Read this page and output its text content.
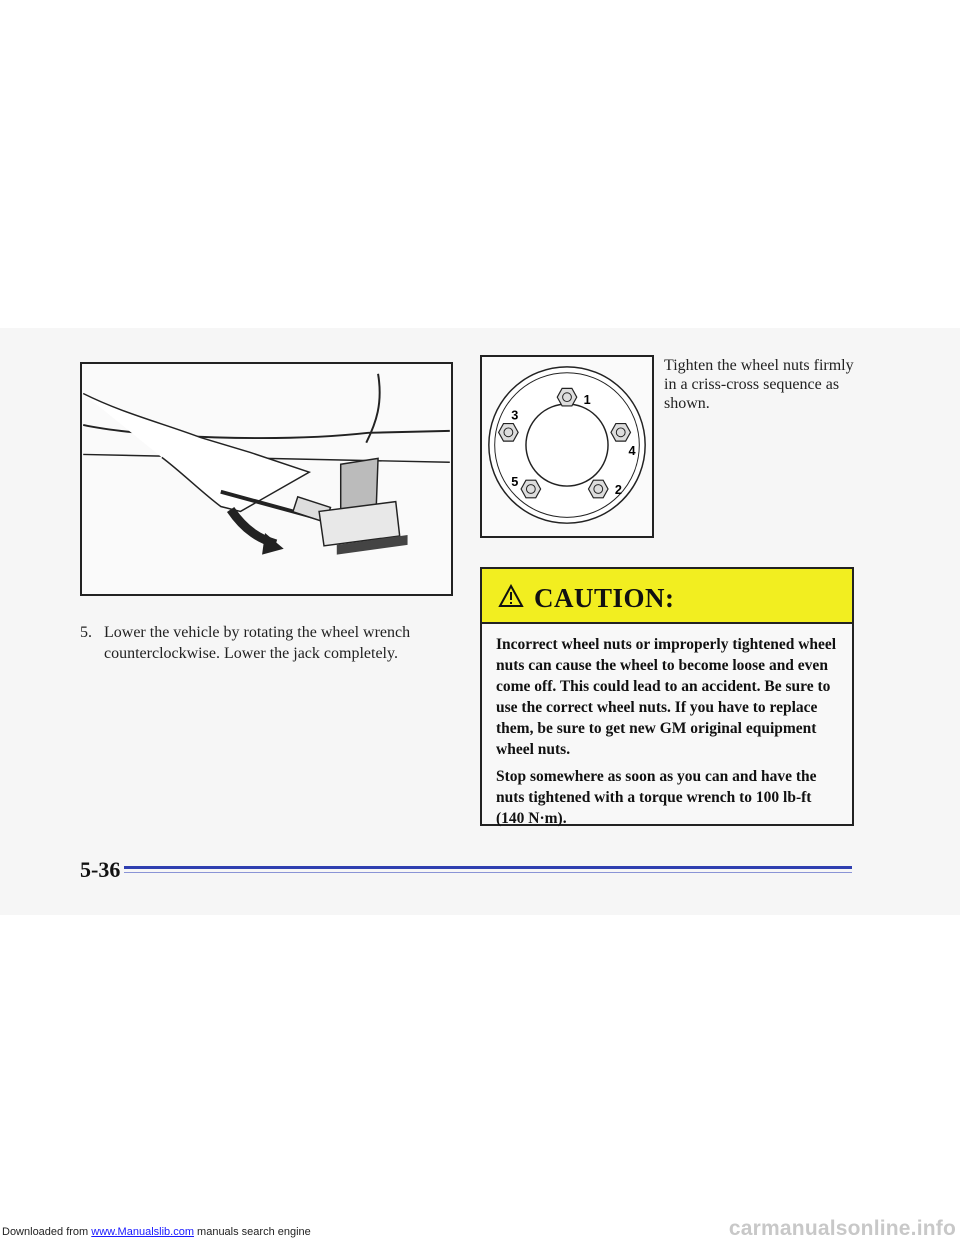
5. Lower the vehicle by rotating the wheel wrench counterclockwise. Lower the jack completely.
1
2
3
4
5
Tighten the wheel nuts firmly in a criss-cross sequence as shown.
CAUTION:

Incorrect wheel nuts or improperly tightened wheel nuts can cause the wheel to become loose and even come off. This could lead to an accident. Be sure to use the correct wheel nuts. If you have to replace them, be sure to get new GM original equipment wheel nuts.

Stop somewhere as soon as you can and have the nuts tightened with a torque wrench to 100 lb-ft (140 N·m).

5-36
Downloaded from www.Manualslib.com manuals search engine	carmanualsonline.info
